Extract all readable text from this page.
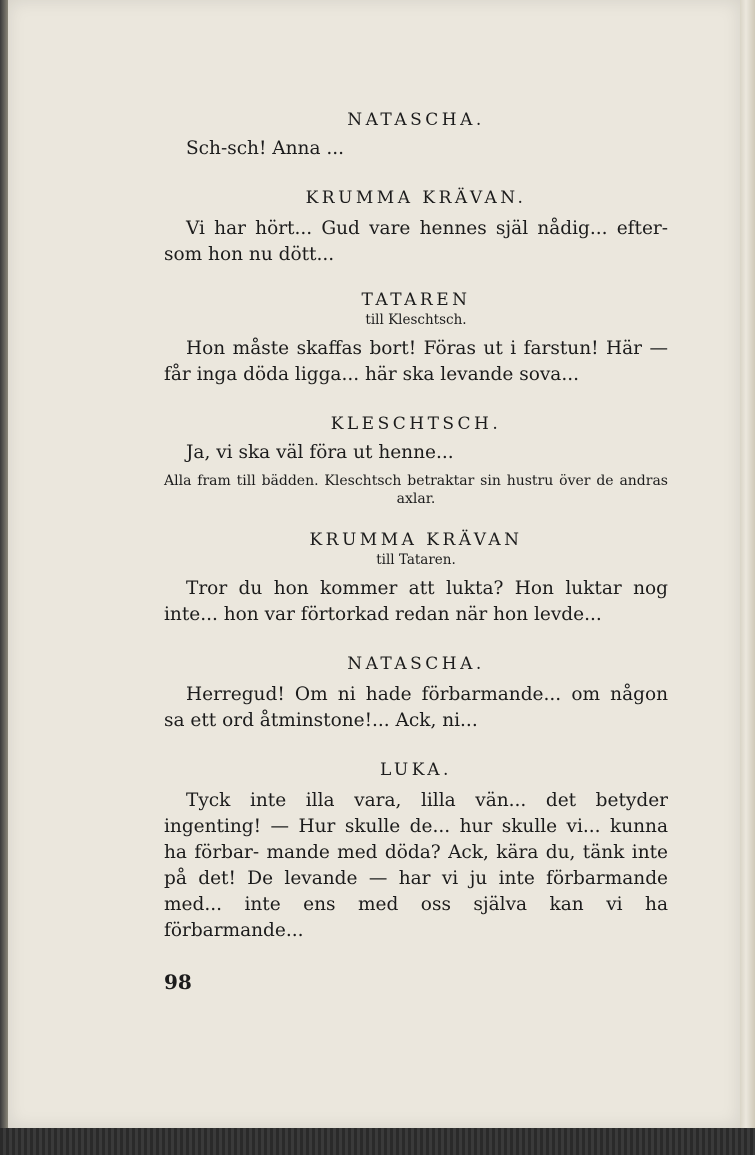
NATASCHA.

Sch-sch! Anna ...

KRUMMA KRÄVAN.

Vi har hört... Gud vare hennes själ nådig... efter- som hon nu dött...

TATAREN

till Kleschtsch.

Hon måste skaffas bort! Föras ut i farstun! Här — får inga döda ligga... här ska levande sova...

KLESCHTSCH.

Ja, vi ska väl föra ut henne...

Alla fram till bädden. Kleschtsch betraktar sin hustru över de andras axlar.

KRUMMA KRÄVAN

till Tataren.

Tror du hon kommer att lukta? Hon luktar nog inte... hon var förtorkad redan när hon levde...

NATASCHA.

Herregud! Om ni hade förbarmande... om någon sa ett ord åtminstone!... Ack, ni...

LUKA.

Tyck inte illa vara, lilla vän... det betyder ingenting! — Hur skulle de... hur skulle vi... kunna ha förbar- mande med döda? Ack, kära du, tänk inte på det! De levande — har vi ju inte förbarmande med... inte ens med oss själva kan vi ha förbarmande...

98
